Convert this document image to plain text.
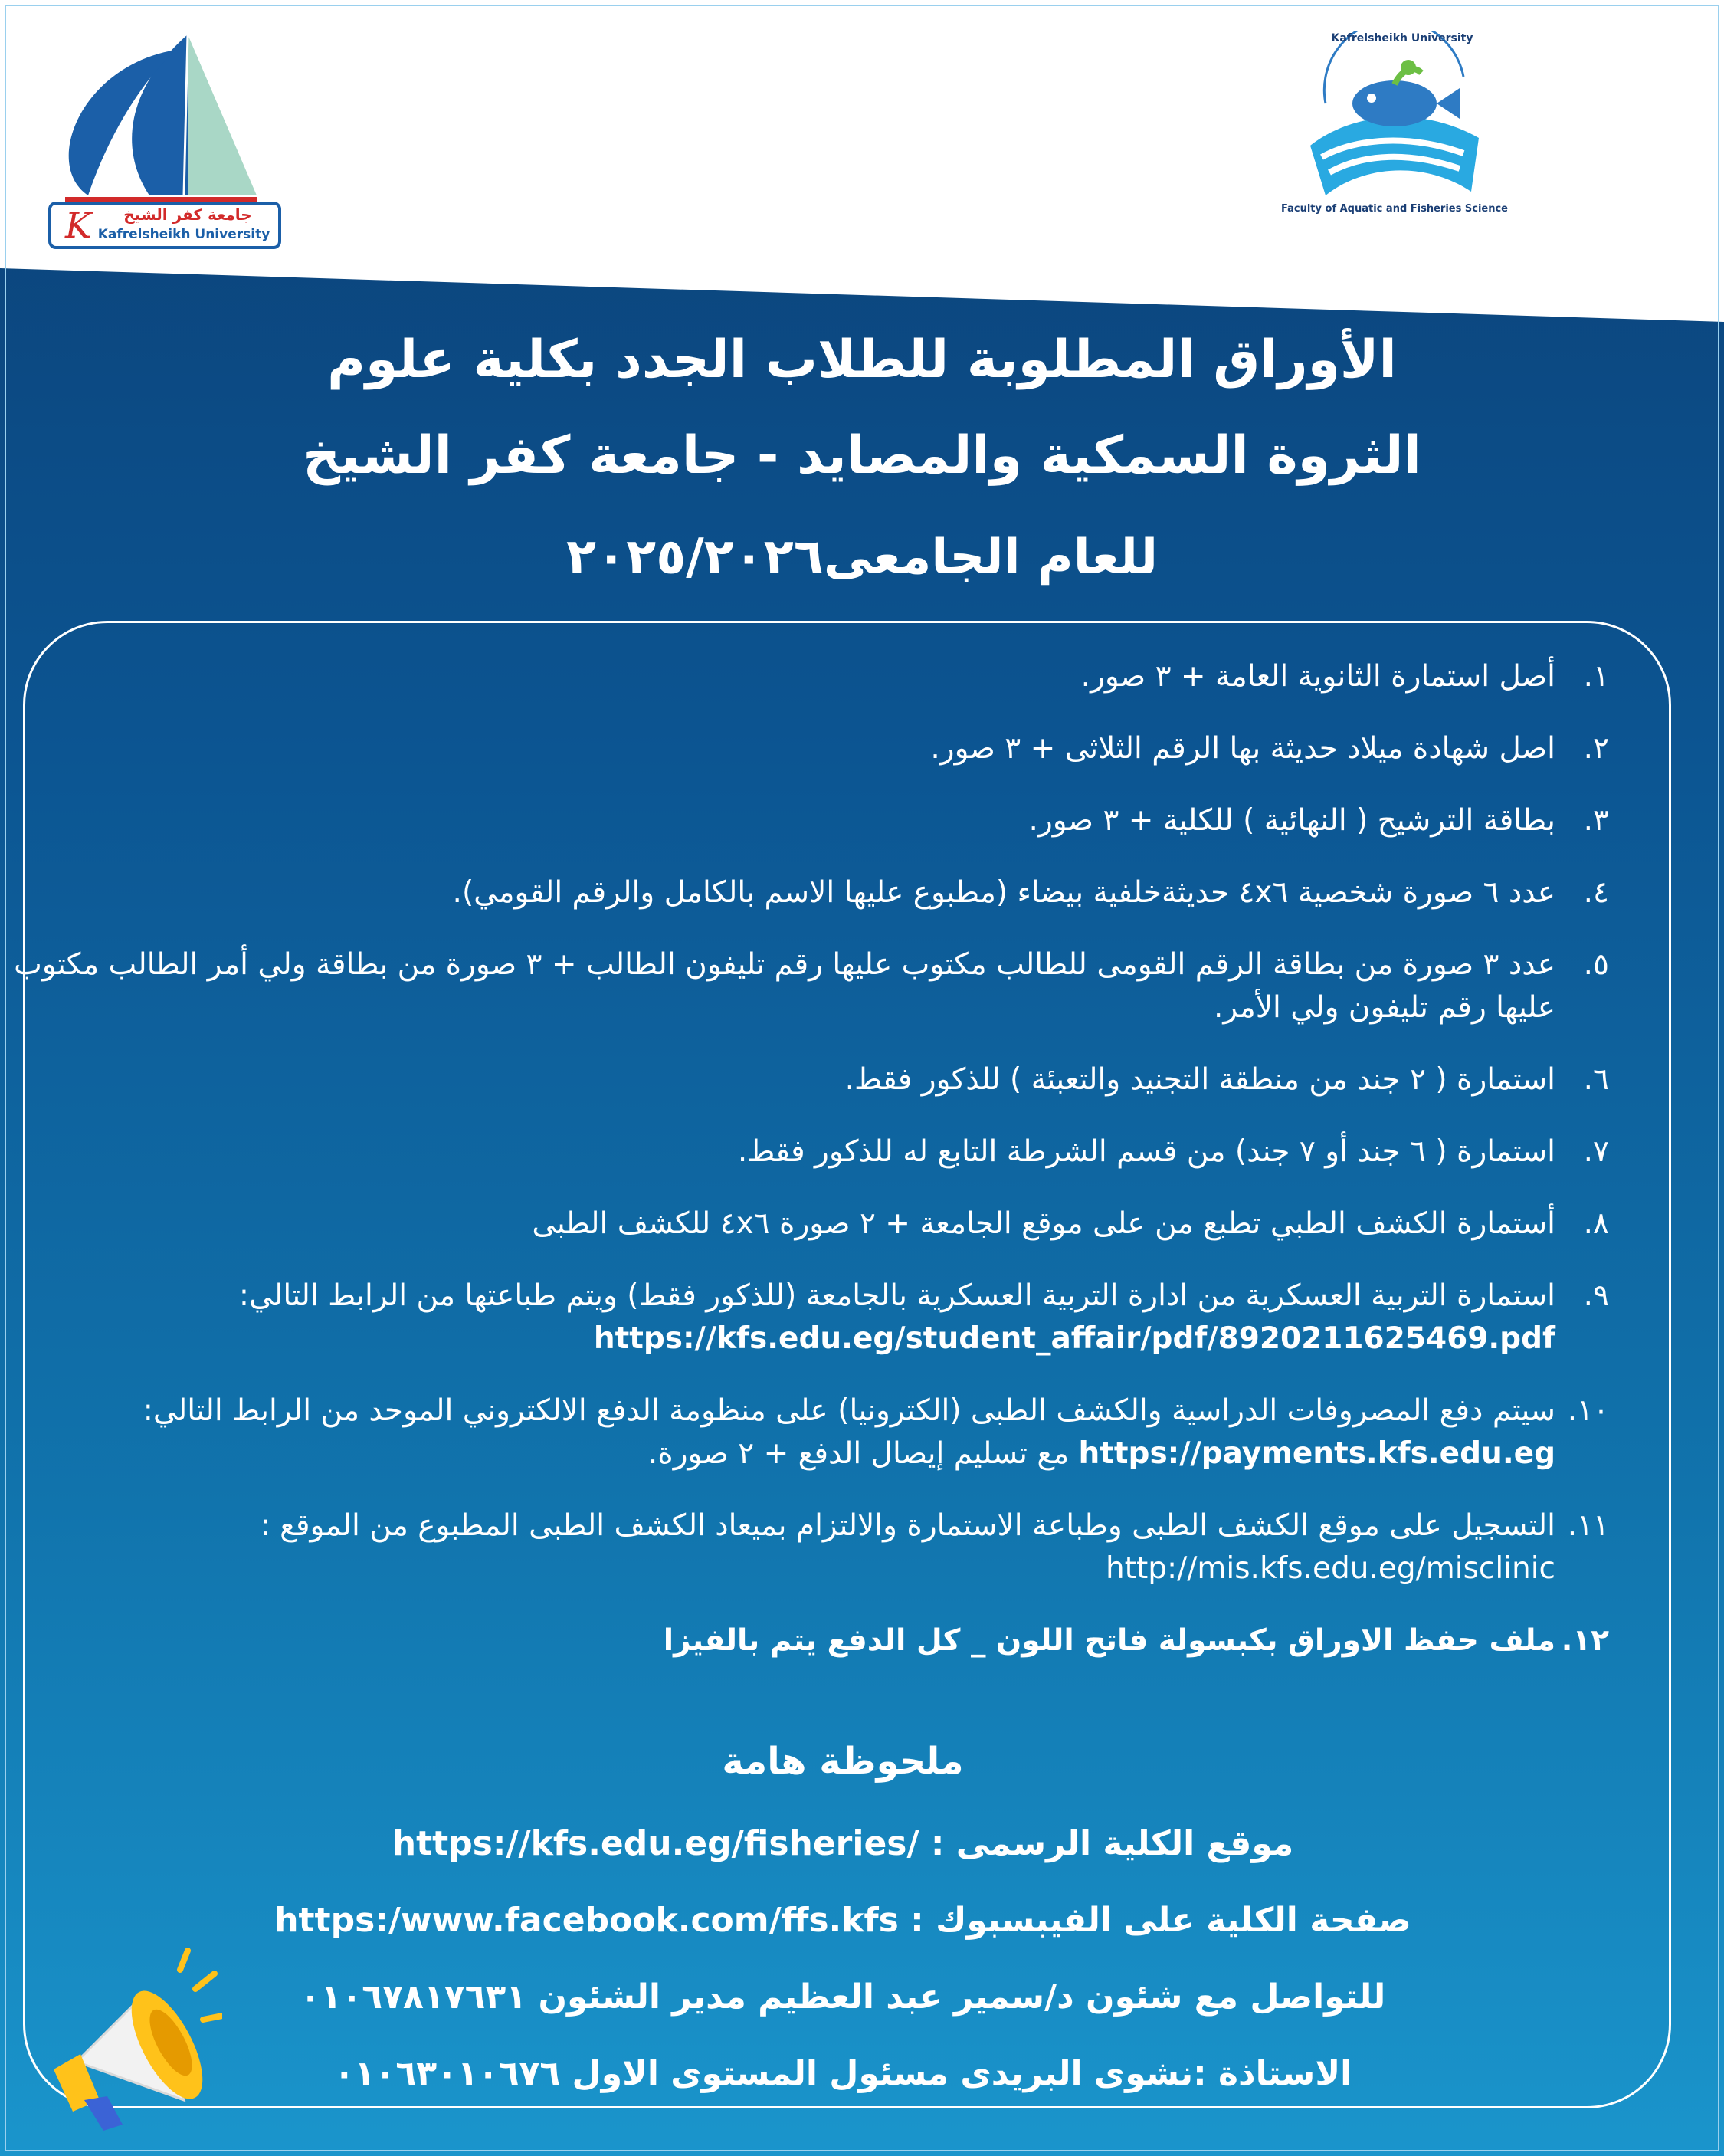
K	جامعة كفر الشيخ
Kafrelsheikh University
Kafrelsheikh University
Faculty of Aquatic and Fisheries Science
الأوراق المطلوبة للطلاب الجدد بكلية علوم
الثروة السمكية والمصايد - جامعة كفر الشيخ
للعام الجامعى٢٠٢٥/٢٠٢٦
١.
أصل استمارة الثانوية العامة + ٣ صور.
٢.
اصل شهادة ميلاد حديثة بها الرقم الثلاثى + ٣ صور.
٣.
بطاقة الترشيح ( النهائية ) للكلية + ٣ صور.
٤.
عدد ٦ صورة شخصية ٤x٦ حديثةخلفية بيضاء (مطبوع عليها الاسم بالكامل والرقم القومي).
٥.
عدد ٣ صورة من بطاقة الرقم القومى للطالب مكتوب عليها رقم تليفون الطالب + ٣ صورة من بطاقة ولي أمر الطالب مكتوب عليها رقم تليفون ولي الأمر.
٦.
استمارة ( ٢ جند من منطقة التجنيد والتعبئة ) للذكور فقط.
٧.
استمارة ( ٦ جند أو ٧ جند) من قسم الشرطة التابع له للذكور فقط.
٨.
أستمارة الكشف الطبي تطبع من على موقع الجامعة + ٢ صورة ٤x٦ للكشف الطبى
٩.
استمارة التربية العسكرية من ادارة التربية العسكرية بالجامعة (للذكور فقط) ويتم طباعتها من الرابط التالي: https://kfs.edu.eg/student_affair/pdf/8920211625469.pdf
١٠.
سيتم دفع المصروفات الدراسية والكشف الطبى (الكترونيا) على منظومة الدفع الالكتروني الموحد من الرابط التالي: https://payments.kfs.edu.eg مع تسليم إيصال الدفع + ٢ صورة.
١١.
التسجيل على موقع الكشف الطبى وطباعة الاستمارة والالتزام بميعاد الكشف الطبى المطبوع من الموقع : http://mis.kfs.edu.eg/misclinic
١٢.
ملف حفظ الاوراق بكبسولة فاتح اللون _ كل الدفع يتم بالفيزا
ملحوظة هامة
موقع الكلية الرسمى : https://kfs.edu.eg/fisheries/
صفحة الكلية على الفيبسبوك : https:/www.facebook.com/ffs.kfs
للتواصل مع شئون د/سمير عبد العظيم مدير الشئون ٠١٠٦٧٨١٧٦٣١
الاستاذة :نشوى البريدى مسئول المستوى الاول ٠١٠٦٣٠١٠٦٧٦
